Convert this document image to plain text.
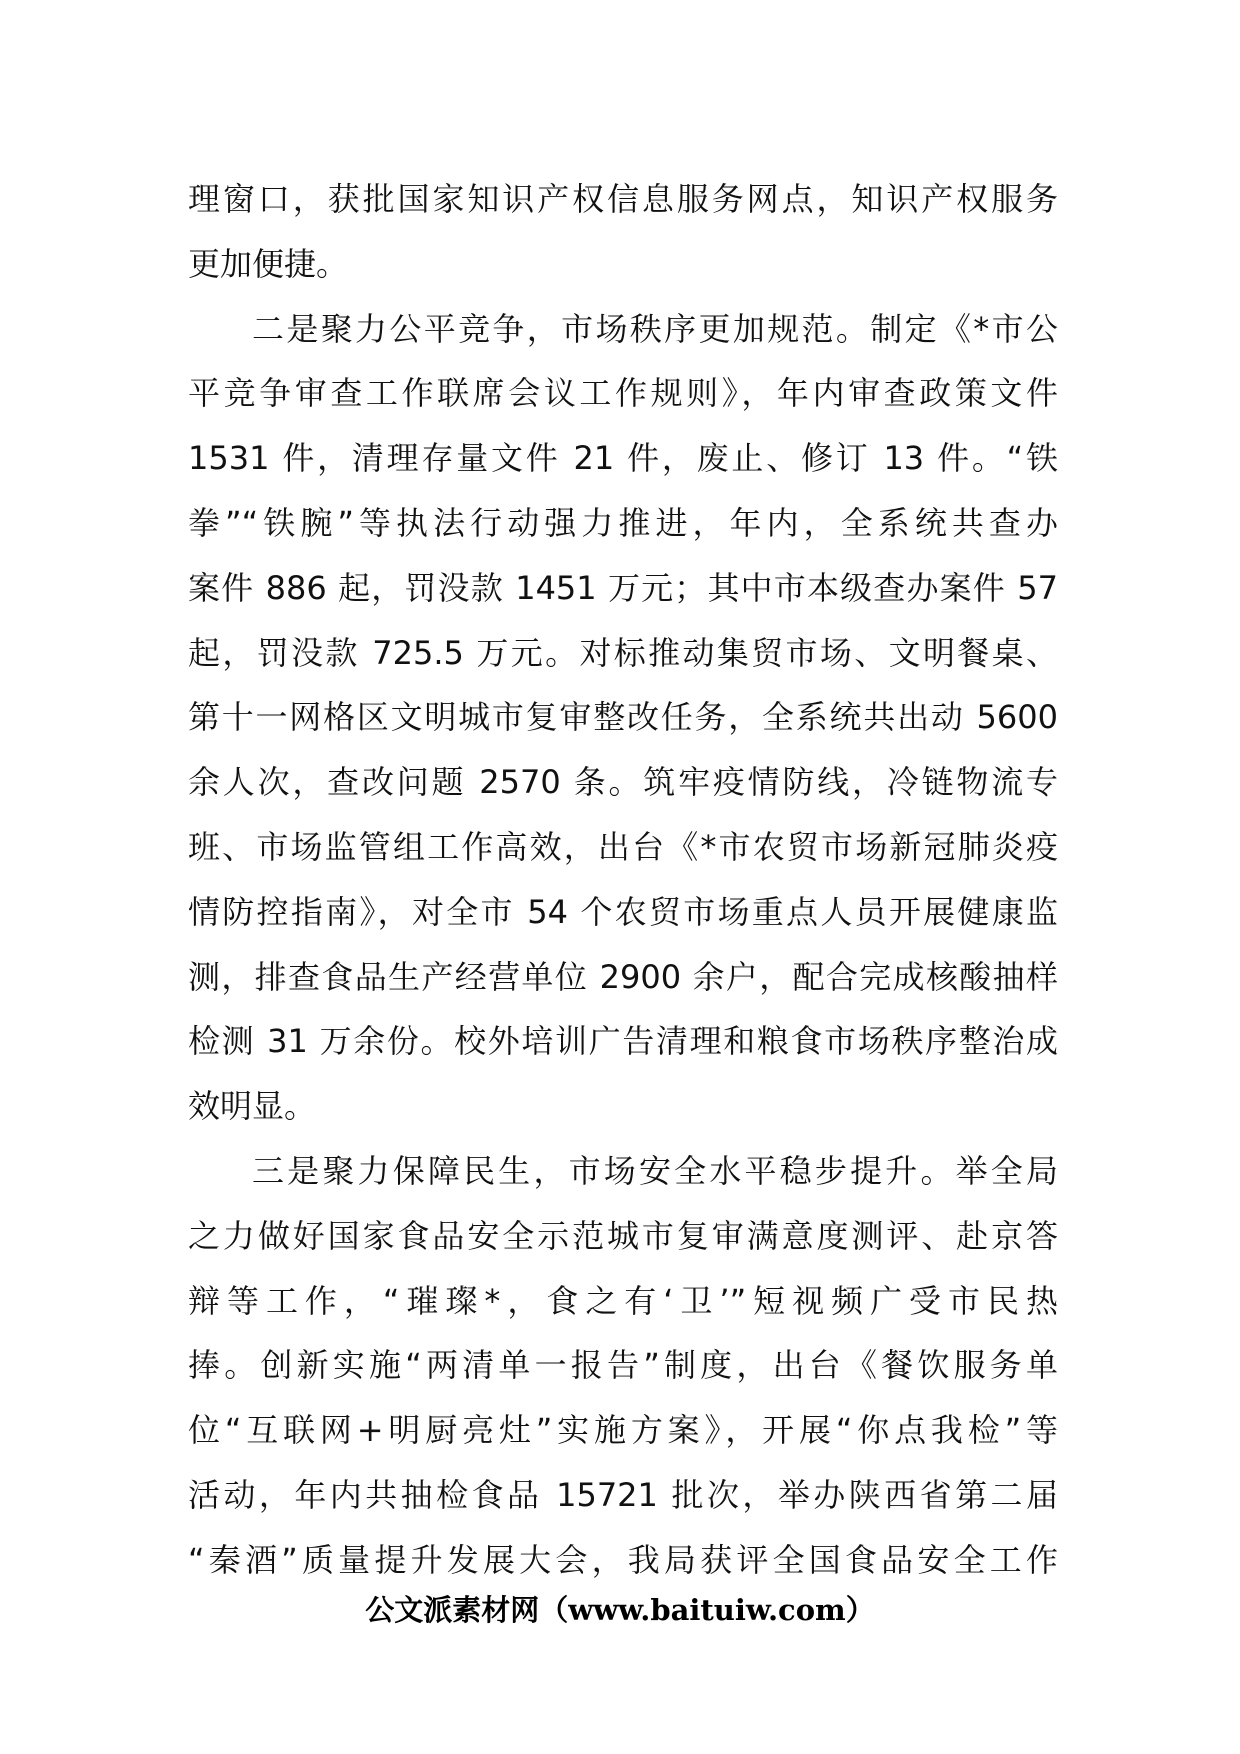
理窗口，获批国家知识产权信息服务网点，知识产权服务
更加便捷。
二是聚力公平竞争，市场秩序更加规范。制定《*市公
平竞争审查工作联席会议工作规则》，年内审查政策文件
1531 件，清理存量文件 21 件，废止、修订 13 件。“铁
拳”“铁腕”等执法行动强力推进，年内，全系统共查办
案件 886 起，罚没款 1451 万元；其中市本级查办案件 57
起，罚没款 725.5 万元。对标推动集贸市场、文明餐桌、
第十一网格区文明城市复审整改任务，全系统共出动 5600
余人次，查改问题 2570 条。筑牢疫情防线，冷链物流专
班、市场监管组工作高效，出台《*市农贸市场新冠肺炎疫
情防控指南》，对全市 54 个农贸市场重点人员开展健康监
测，排查食品生产经营单位 2900 余户，配合完成核酸抽样
检测 31 万余份。校外培训广告清理和粮食市场秩序整治成
效明显。
三是聚力保障民生，市场安全水平稳步提升。举全局
之力做好国家食品安全示范城市复审满意度测评、赴京答
辩等工作，“璀璨*，食之有‘卫’”短视频广受市民热
捧。创新实施“两清单一报告”制度，出台《餐饮服务单
位“互联网+明厨亮灶”实施方案》，开展“你点我检”等
活动，年内共抽检食品 15721 批次，举办陕西省第二届
“秦酒”质量提升发展大会，我局获评全国食品安全工作
公文派素材网（www.baituiw.com）
